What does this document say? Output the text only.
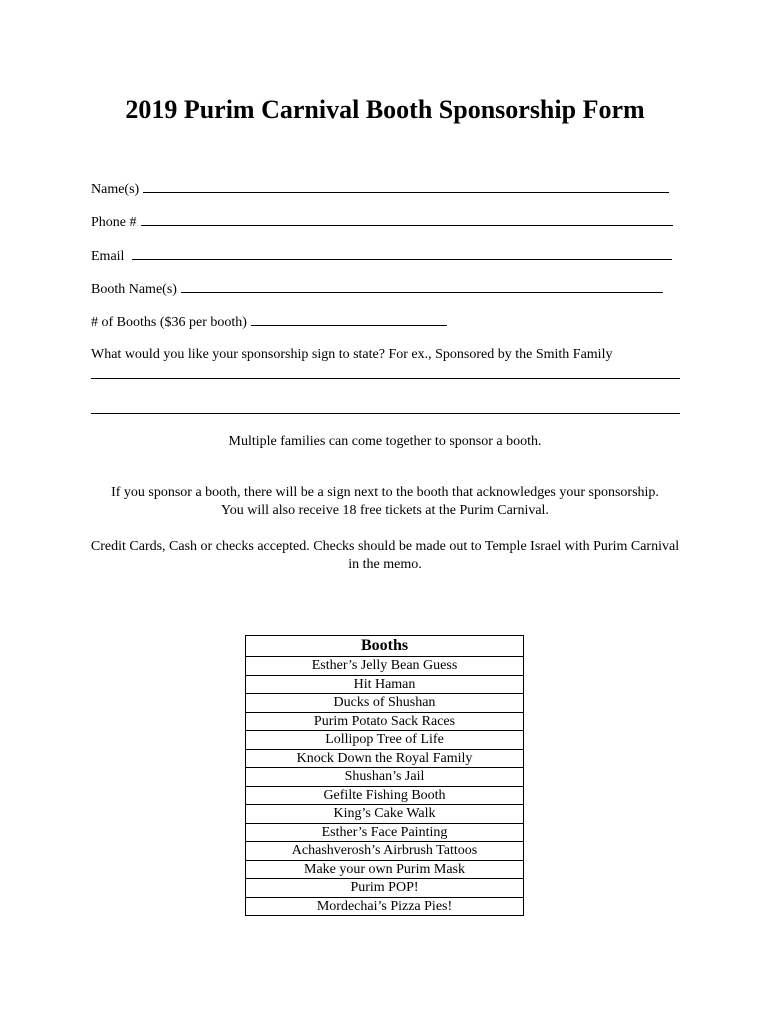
2019 Purim Carnival Booth Sponsorship Form
Name(s)
Phone #
Email
Booth Name(s)
# of Booths ($36 per booth)
What would you like your sponsorship sign to state? For ex., Sponsored by the Smith Family
Multiple families can come together to sponsor a booth.
If you sponsor a booth, there will be a sign next to the booth that acknowledges your sponsorship. You will also receive 18 free tickets at the Purim Carnival.
Credit Cards, Cash or checks accepted. Checks should be made out to Temple Israel with Purim Carnival in the memo.
Booths
Esther’s Jelly Bean Guess
Hit Haman
Ducks of Shushan
Purim Potato Sack Races
Lollipop Tree of Life
Knock Down the Royal Family
Shushan’s Jail
Gefilte Fishing Booth
King’s Cake Walk
Esther’s Face Painting
Achashverosh’s Airbrush Tattoos
Make your own Purim Mask
Purim POP!
Mordechai’s Pizza Pies!
